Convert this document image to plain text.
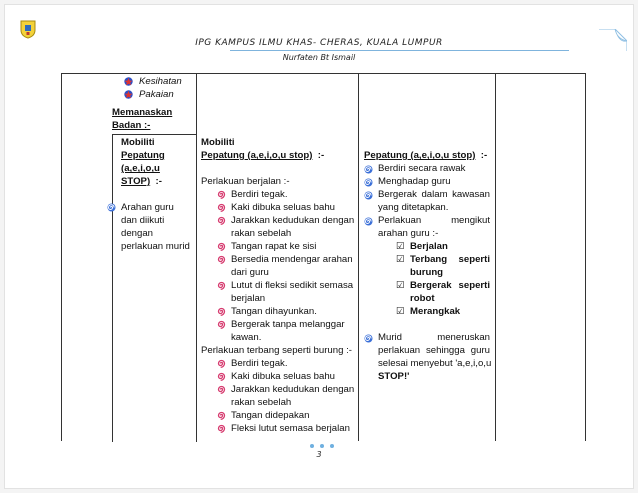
IPG KAMPUS ILMU KHAS- CHERAS, KUALA LUMPUR
Nurfaten Bt Ismail
Kesihatan
Pakaian
Memanaskan
Badan :-
Mobiliti
Pepatung
(a,e,i,o,u
STOP) :-
Arahan guru
dan diikuti
dengan
perlakuan murid
Mobiliti
Pepatung (a,e,i,o,u stop) :-
Perlakuan berjalan :-
Berdiri tegak.
Kaki dibuka seluas bahu
Jarakkan kedudukan dengan
rakan sebelah
Tangan rapat ke sisi
Bersedia mendengar arahan
dari guru
Lutut di fleksi sedikit semasa
berjalan
Tangan dihayunkan.
Bergerak tanpa melanggar
kawan.
Perlakuan terbang seperti burung :-
Berdiri tegak.
Kaki dibuka seluas bahu
Jarakkan kedudukan dengan
rakan sebelah
Tangan didepakan
Fleksi lutut semasa berjalan
Pepatung (a,e,i,o,u stop) :-
Berdiri secara rawak
Menghadap guru
Bergerak dalam kawasan
yang ditetapkan.
Perlakuan	mengikut
arahan guru :-
☑ Berjalan
☑ Terbang seperti
burung
☑ Bergerak seperti
robot
☑ Merangkak
Murid	meneruskan
perlakuan sehingga guru
selesai menyebut 'a,e,i,o,u
STOP!'
3
